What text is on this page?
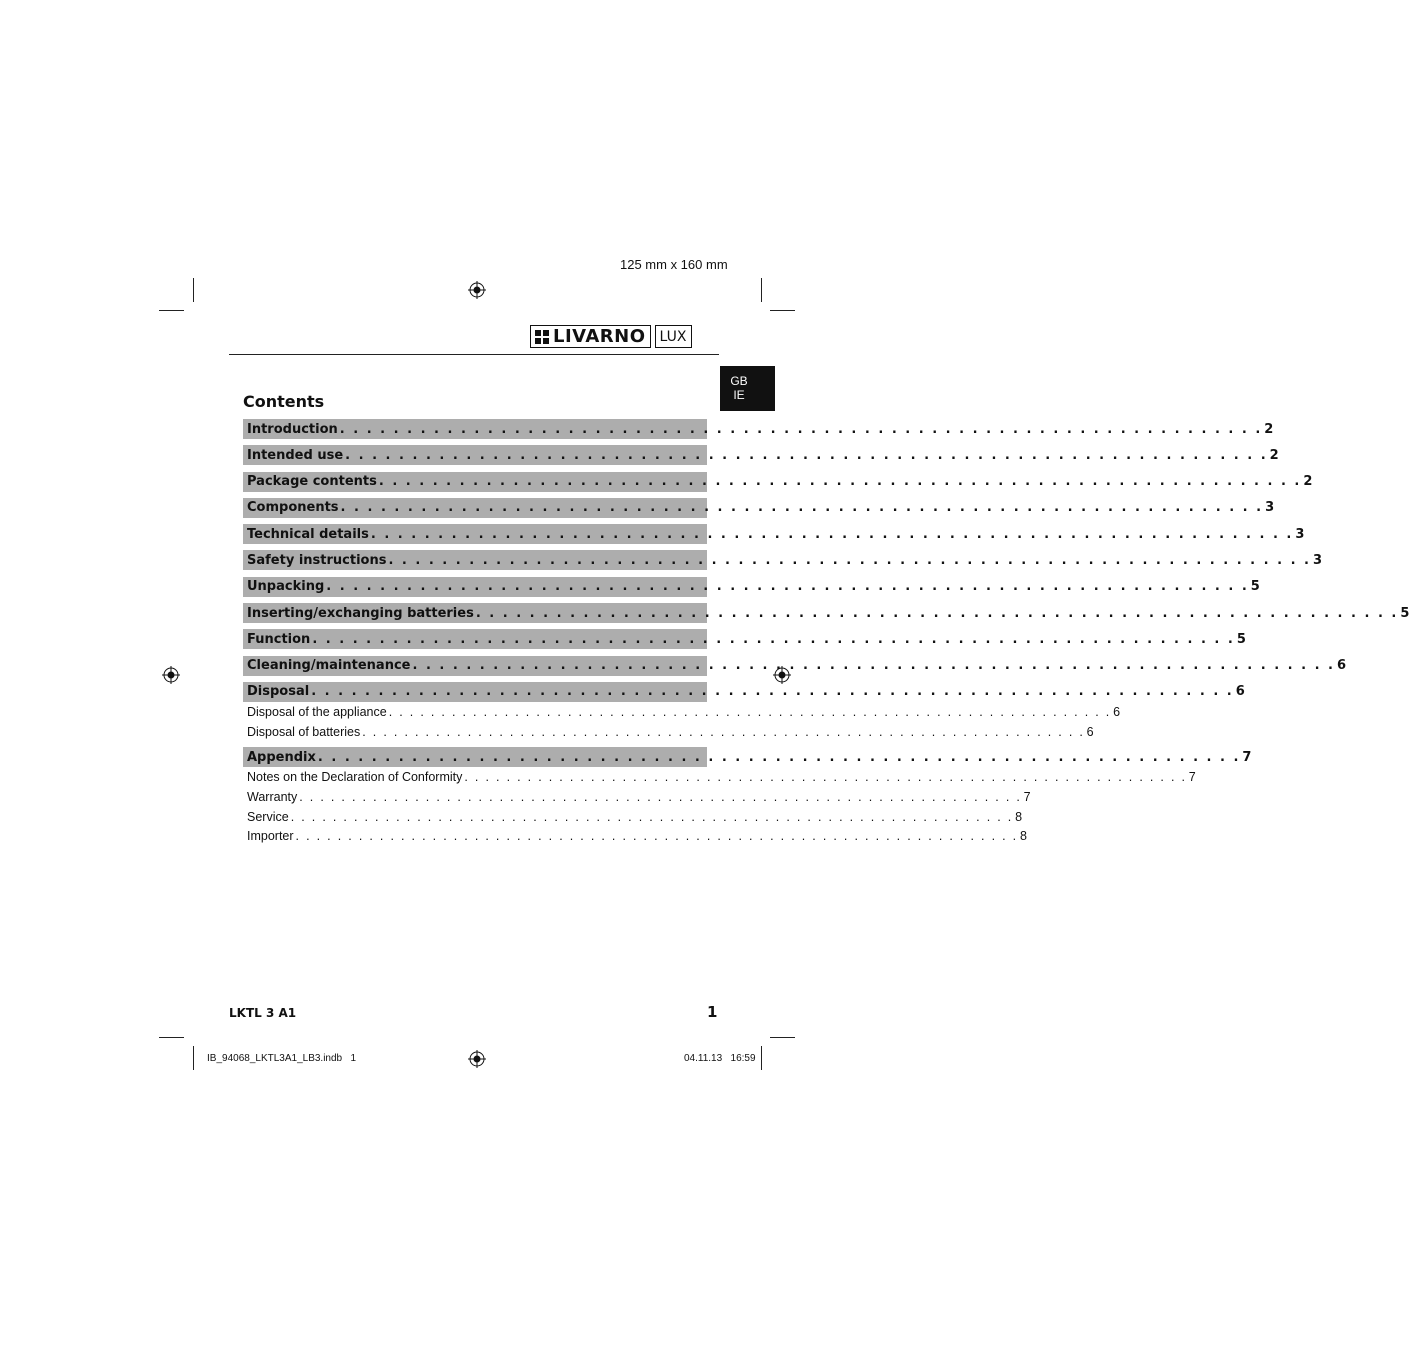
125 mm x 160 mm
LIVARNO	LUX
GB
IE
Contents
Introduction . . . . . . . . . . . . . . . . . . . . . . . . . . . . . . . . . . . . . . . . . . . . . . . . . . . . . . . . . . . . . . . . . . . . . 2
Intended use . . . . . . . . . . . . . . . . . . . . . . . . . . . . . . . . . . . . . . . . . . . . . . . . . . . . . . . . . . . . . . . . . . . . . 2
Package contents . . . . . . . . . . . . . . . . . . . . . . . . . . . . . . . . . . . . . . . . . . . . . . . . . . . . . . . . . . . . . . . . . . . . . 2
Components . . . . . . . . . . . . . . . . . . . . . . . . . . . . . . . . . . . . . . . . . . . . . . . . . . . . . . . . . . . . . . . . . . . . . 3
Technical details . . . . . . . . . . . . . . . . . . . . . . . . . . . . . . . . . . . . . . . . . . . . . . . . . . . . . . . . . . . . . . . . . . . . . 3
Safety instructions . . . . . . . . . . . . . . . . . . . . . . . . . . . . . . . . . . . . . . . . . . . . . . . . . . . . . . . . . . . . . . . . . . . . . 3
Unpacking . . . . . . . . . . . . . . . . . . . . . . . . . . . . . . . . . . . . . . . . . . . . . . . . . . . . . . . . . . . . . . . . . . . . . 5
Inserting/exchanging batteries . . . . . . . . . . . . . . . . . . . . . . . . . . . . . . . . . . . . . . . . . . . . . . . . . . . . . . . . . . . . . . . . . . . . . 5
Function . . . . . . . . . . . . . . . . . . . . . . . . . . . . . . . . . . . . . . . . . . . . . . . . . . . . . . . . . . . . . . . . . . . . . 5
Cleaning/maintenance . . . . . . . . . . . . . . . . . . . . . . . . . . . . . . . . . . . . . . . . . . . . . . . . . . . . . . . . . . . . . . . . . . . . . 6
Disposal . . . . . . . . . . . . . . . . . . . . . . . . . . . . . . . . . . . . . . . . . . . . . . . . . . . . . . . . . . . . . . . . . . . . . 6
Disposal of the appliance . . . . . . . . . . . . . . . . . . . . . . . . . . . . . . . . . . . . . . . . . . . . . . . . . . . . . . . . . . . . . . . . . . . . . 6
Disposal of batteries . . . . . . . . . . . . . . . . . . . . . . . . . . . . . . . . . . . . . . . . . . . . . . . . . . . . . . . . . . . . . . . . . . . . . 6
Appendix . . . . . . . . . . . . . . . . . . . . . . . . . . . . . . . . . . . . . . . . . . . . . . . . . . . . . . . . . . . . . . . . . . . . . 7
Notes on the Declaration of Conformity . . . . . . . . . . . . . . . . . . . . . . . . . . . . . . . . . . . . . . . . . . . . . . . . . . . . . . . . . . . . . . . . . . . . . 7
Warranty . . . . . . . . . . . . . . . . . . . . . . . . . . . . . . . . . . . . . . . . . . . . . . . . . . . . . . . . . . . . . . . . . . . . . 7
Service . . . . . . . . . . . . . . . . . . . . . . . . . . . . . . . . . . . . . . . . . . . . . . . . . . . . . . . . . . . . . . . . . . . . . 8
Importer . . . . . . . . . . . . . . . . . . . . . . . . . . . . . . . . . . . . . . . . . . . . . . . . . . . . . . . . . . . . . . . . . . . . . 8
LKTL 3 A1	1
IB_94068_LKTL3A1_LB3.indb   1	04.11.13   16:59
